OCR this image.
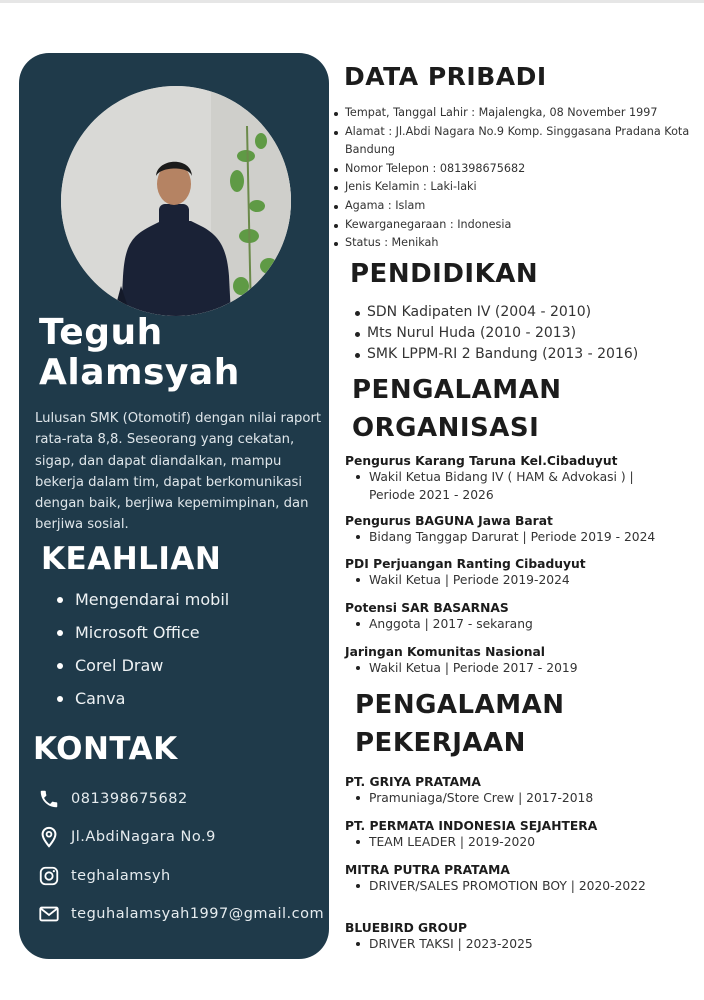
Teguh
Alamsyah
Lulusan SMK (Otomotif) dengan nilai raport rata-rata 8,8. Seseorang yang cekatan, sigap, dan dapat diandalkan, mampu bekerja dalam tim, dapat berkomunikasi dengan baik, berjiwa kepemimpinan, dan berjiwa sosial.
KEAHLIAN
Mengendarai mobil
Microsoft Office
Corel Draw
Canva
KONTAK
081398675682
Jl.AbdiNagara No.9
teghalamsyh
teguhalamsyah1997@gmail.com
DATA PRIBADI
Tempat, Tanggal Lahir : Majalengka, 08 November 1997
Alamat : Jl.Abdi Nagara No.9 Komp. Singgasana Pradana Kota Bandung
Nomor Telepon : 081398675682
Jenis Kelamin : Laki-laki
Agama : Islam
Kewarganegaraan : Indonesia
Status : Menikah
PENDIDIKAN
SDN Kadipaten IV (2004 - 2010)
Mts Nurul Huda (2010 - 2013)
SMK LPPM-RI 2 Bandung (2013 - 2016)
PENGALAMAN
ORGANISASI
Pengurus Karang Taruna Kel.Cibaduyut
Wakil Ketua Bidang IV ( HAM & Advokasi ) | Periode 2021 - 2026
Pengurus BAGUNA Jawa Barat
Bidang Tanggap Darurat | Periode 2019 - 2024
PDI Perjuangan Ranting Cibaduyut
Wakil Ketua | Periode 2019-2024
Potensi SAR BASARNAS
Anggota | 2017 - sekarang
Jaringan Komunitas Nasional
Wakil Ketua | Periode 2017 - 2019
PENGALAMAN
PEKERJAAN
PT. GRIYA PRATAMA
Pramuniaga/Store Crew | 2017-2018
PT. PERMATA INDONESIA SEJAHTERA
TEAM LEADER | 2019-2020
MITRA PUTRA PRATAMA
DRIVER/SALES PROMOTION BOY | 2020-2022
BLUEBIRD GROUP
DRIVER TAKSI | 2023-2025
